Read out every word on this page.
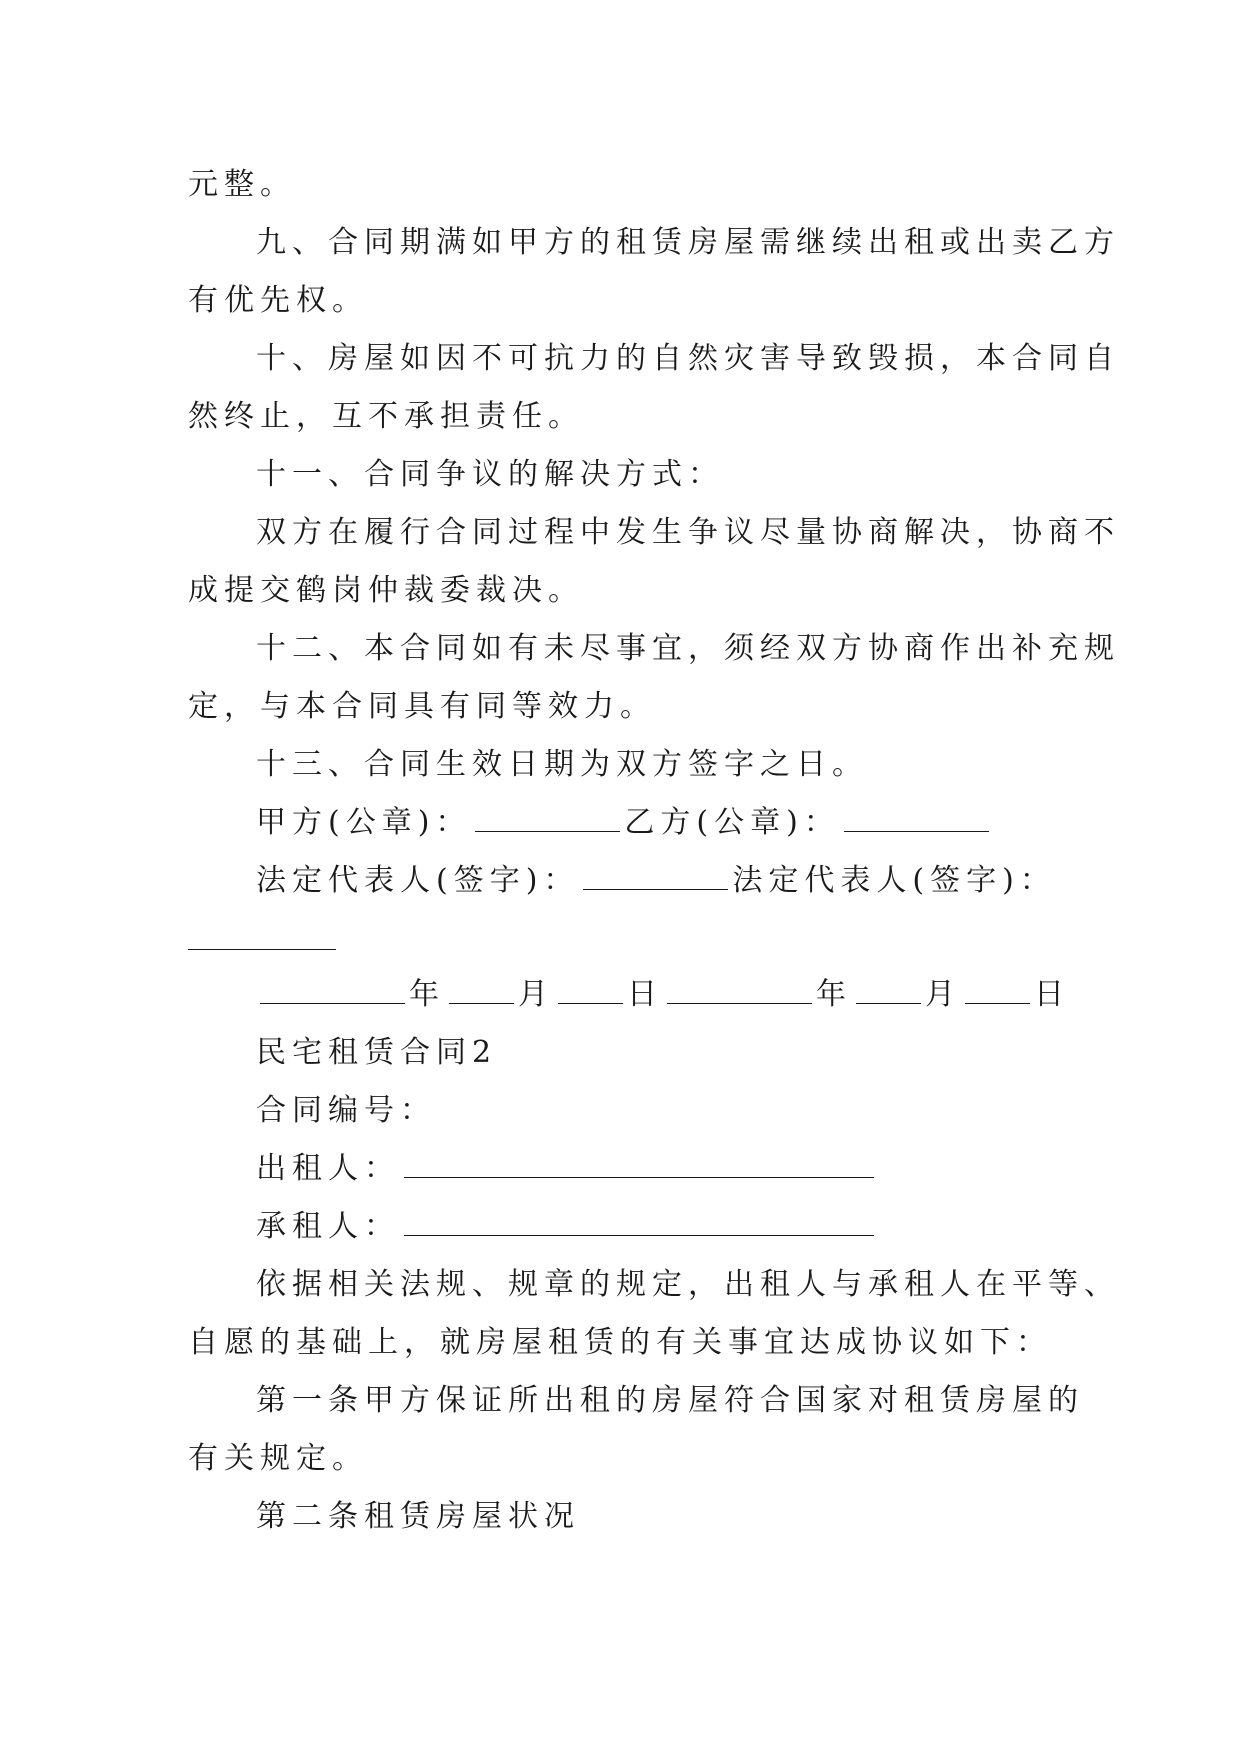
元整。
九、合同期满如甲方的租赁房屋需继续出租或出卖乙方
有优先权。
十、房屋如因不可抗力的自然灾害导致毁损，本合同自
然终止，互不承担责任。
十一、合同争议的解决方式：
双方在履行合同过程中发生争议尽量协商解决，协商不
成提交鹤岗仲裁委裁决。
十二、本合同如有未尽事宜，须经双方协商作出补充规
定，与本合同具有同等效力。
十三、合同生效日期为双方签字之日。
甲方(公章)：	乙方(公章)：
法定代表人(签字)：	法定代表人(签字)：
年 月 日	年 月 日
民宅租赁合同2
合同编号：
出租人：
承租人：
依据相关法规、规章的规定，出租人与承租人在平等、
自愿的基础上，就房屋租赁的有关事宜达成协议如下：
第一条甲方保证所出租的房屋符合国家对租赁房屋的
有关规定。
第二条租赁房屋状况
